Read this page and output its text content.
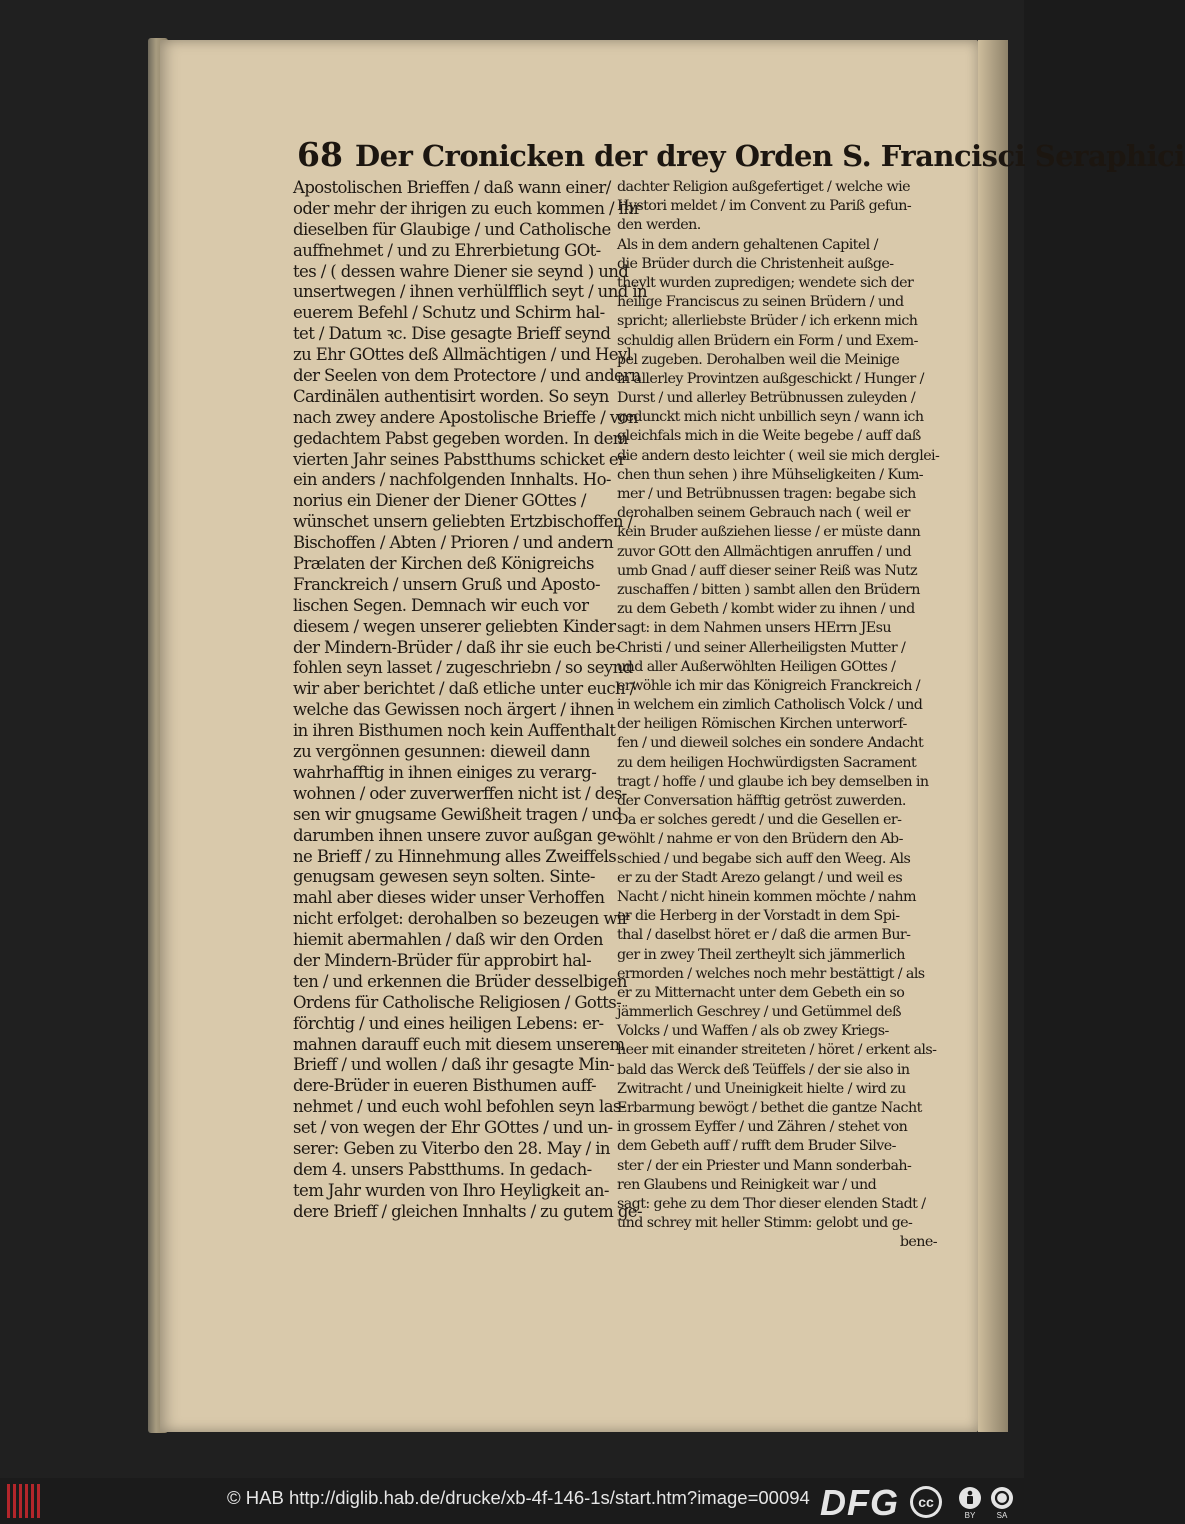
68 Der Cronicken der drey Orden S. Francisci Seraphici
Apostolischen Brieffen / daß wann einer/
oder mehr der ihrigen zu euch kommen / ihr
dieselben für Glaubige / und Catholische
auffnehmet / und zu Ehrerbietung GOt-
tes / ( dessen wahre Diener sie seynd ) und
unsertwegen / ihnen verhülfflich seyt / und in
euerem Befehl / Schutz und Schirm hal-
tet / Datum ꝛc. Dise gesagte Brieff seynd
zu Ehr GOttes deß Allmächtigen / und Heyl
der Seelen von dem Protectore / und andern
Cardinälen authentisirt worden. So seyn
nach zwey andere Apostolische Brieffe / von
gedachtem Pabst gegeben worden. In dem
vierten Jahr seines Pabstthums schicket er
ein anders / nachfolgenden Innhalts. Ho-
norius ein Diener der Diener GOttes /
wünschet unsern geliebten Ertzbischoffen /
Bischoffen / Abten / Prioren / und andern
Prælaten der Kirchen deß Königreichs
Franckreich / unsern Gruß und Aposto-
lischen Segen. Demnach wir euch vor
diesem / wegen unserer geliebten Kinder
der Mindern-Brüder / daß ihr sie euch be-
fohlen seyn lasset / zugeschriebn / so seynd
wir aber berichtet / daß etliche unter euch /
welche das Gewissen noch ärgert / ihnen
in ihren Bisthumen noch kein Auffenthalt
zu vergönnen gesunnen: dieweil dann
wahrhafftig in ihnen einiges zu verarg-
wohnen / oder zuverwerffen nicht ist / des-
sen wir gnugsame Gewißheit tragen / und
darumben ihnen unsere zuvor außgan ge-
ne Brieff / zu Hinnehmung alles Zweiffels
genugsam gewesen seyn solten. Sinte-
mahl aber dieses wider unser Verhoffen
nicht erfolget: derohalben so bezeugen wir
hiemit abermahlen / daß wir den Orden
der Mindern-Brüder für approbirt hal-
ten / und erkennen die Brüder desselbigen
Ordens für Catholische Religiosen / Gotts-
förchtig / und eines heiligen Lebens: er-
mahnen darauff euch mit diesem unserem
Brieff / und wollen / daß ihr gesagte Min-
dere-Brüder in eueren Bisthumen auff-
nehmet / und euch wohl befohlen seyn las-
set / von wegen der Ehr GOttes / und un-
serer: Geben zu Viterbo den 28. May / in
dem 4. unsers Pabstthums. In gedach-
tem Jahr wurden von Ihro Heyligkeit an-
dere Brieff / gleichen Innhalts / zu gutem ge-
dachter Religion außgefertiget / welche wie
Hystori meldet / im Convent zu Pariß gefun-
den werden.
Als in dem andern gehaltenen Capitel /
die Brüder durch die Christenheit außge-
theylt wurden zupredigen; wendete sich der
heilige Franciscus zu seinen Brüdern / und
spricht; allerliebste Brüder / ich erkenn mich
schuldig allen Brüdern ein Form / und Exem-
pel zugeben. Derohalben weil die Meinige
in allerley Provintzen außgeschickt / Hunger /
Durst / und allerley Betrübnussen zuleyden /
gedunckt mich nicht unbillich seyn / wann ich
gleichfals mich in die Weite begebe / auff daß
die andern desto leichter ( weil sie mich derglei-
chen thun sehen ) ihre Mühseligkeiten / Kum-
mer / und Betrübnussen tragen: begabe sich
derohalben seinem Gebrauch nach ( weil er
kein Bruder außziehen liesse / er müste dann
zuvor GOtt den Allmächtigen anruffen / und
umb Gnad / auff dieser seiner Reiß was Nutz
zuschaffen / bitten ) sambt allen den Brüdern
zu dem Gebeth / kombt wider zu ihnen / und
sagt: in dem Nahmen unsers HErrn JEsu
Christi / und seiner Allerheiligsten Mutter /
und aller Außerwöhlten Heiligen GOttes /
erwöhle ich mir das Königreich Franckreich /
in welchem ein zimlich Catholisch Volck / und
der heiligen Römischen Kirchen unterworf-
fen / und dieweil solches ein sondere Andacht
zu dem heiligen Hochwürdigsten Sacrament
tragt / hoffe / und glaube ich bey demselben in
der Conversation häfftig getröst zuwerden.
Da er solches geredt / und die Gesellen er-
wöhlt / nahme er von den Brüdern den Ab-
schied / und begabe sich auff den Weeg. Als
er zu der Stadt Arezo gelangt / und weil es
Nacht / nicht hinein kommen möchte / nahm
er die Herberg in der Vorstadt in dem Spi-
thal / daselbst höret er / daß die armen Bur-
ger in zwey Theil zertheylt sich jämmerlich
ermorden / welches noch mehr bestättigt / als
er zu Mitternacht unter dem Gebeth ein so
jämmerlich Geschrey / und Getümmel deß
Volcks / und Waffen / als ob zwey Kriegs-
heer mit einander streiteten / höret / erkent als-
bald das Werck deß Teüffels / der sie also in
Zwitracht / und Uneinigkeit hielte / wird zu
Erbarmung bewögt / bethet die gantze Nacht
in grossem Eyffer / und Zähren / stehet von
dem Gebeth auff / rufft dem Bruder Silve-
ster / der ein Priester und Mann sonderbah-
ren Glaubens und Reinigkeit war / und
sagt: gehe zu dem Thor dieser elenden Stadt /
und schrey mit heller Stimm: gelobt und ge-
bene-
© HAB http://diglib.hab.de/drucke/xb-4f-146-1s/start.htm?image=00094 DFG cc
BY	SA
